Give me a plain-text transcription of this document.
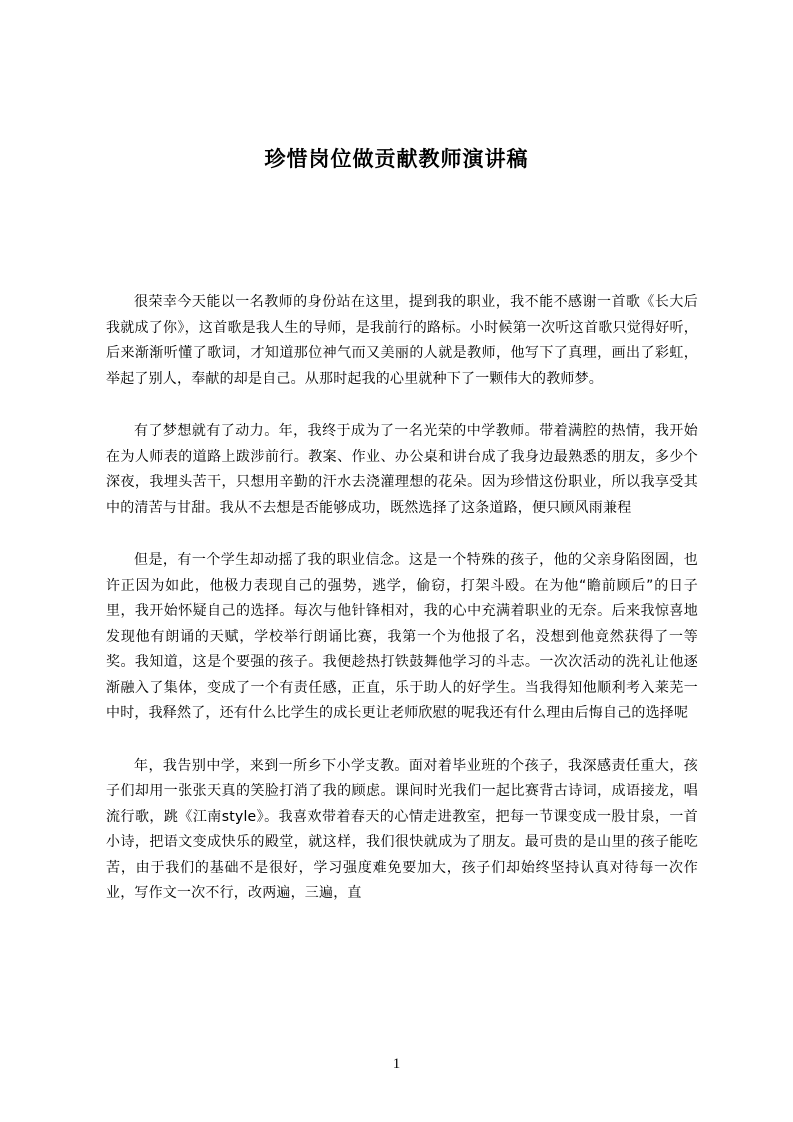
珍惜岗位做贡献教师演讲稿

很荣幸今天能以一名教师的身份站在这里，提到我的职业，我不能不感谢一首歌《长大后我就成了你》，这首歌是我人生的导师，是我前行的路标。小时候第一次听这首歌只觉得好听，后来渐渐听懂了歌词，才知道那位神气而又美丽的人就是教师，他写下了真理，画出了彩虹，举起了别人，奉献的却是自己。从那时起我的心里就种下了一颗伟大的教师梦。

有了梦想就有了动力。年，我终于成为了一名光荣的中学教师。带着满腔的热情，我开始在为人师表的道路上跋涉前行。教案、作业、办公桌和讲台成了我身边最熟悉的朋友，多少个深夜，我埋头苦干，只想用辛勤的汗水去浇灌理想的花朵。因为珍惜这份职业，所以我享受其中的清苦与甘甜。我从不去想是否能够成功，既然选择了这条道路，便只顾风雨兼程

但是，有一个学生却动摇了我的职业信念。这是一个特殊的孩子，他的父亲身陷囹圄，也许正因为如此，他极力表现自己的强势，逃学，偷窃，打架斗殴。在为他“瞻前顾后”的日子里，我开始怀疑自己的选择。每次与他针锋相对，我的心中充满着职业的无奈。后来我惊喜地发现他有朗诵的天赋，学校举行朗诵比赛，我第一个为他报了名，没想到他竟然获得了一等奖。我知道，这是个要强的孩子。我便趁热打铁鼓舞他学习的斗志。一次次活动的洗礼让他逐渐融入了集体，变成了一个有责任感，正直，乐于助人的好学生。当我得知他顺利考入莱芜一中时，我释然了，还有什么比学生的成长更让老师欣慰的呢我还有什么理由后悔自己的选择呢

年，我告别中学，来到一所乡下小学支教。面对着毕业班的个孩子，我深感责任重大，孩子们却用一张张天真的笑脸打消了我的顾虑。课间时光我们一起比赛背古诗词，成语接龙，唱流行歌，跳《江南style》。我喜欢带着春天的心情走进教室，把每一节课变成一股甘泉，一首小诗，把语文变成快乐的殿堂，就这样，我们很快就成为了朋友。最可贵的是山里的孩子能吃苦，由于我们的基础不是很好，学习强度难免要加大，孩子们却始终坚持认真对待每一次作业，写作文一次不行，改两遍，三遍，直

1
